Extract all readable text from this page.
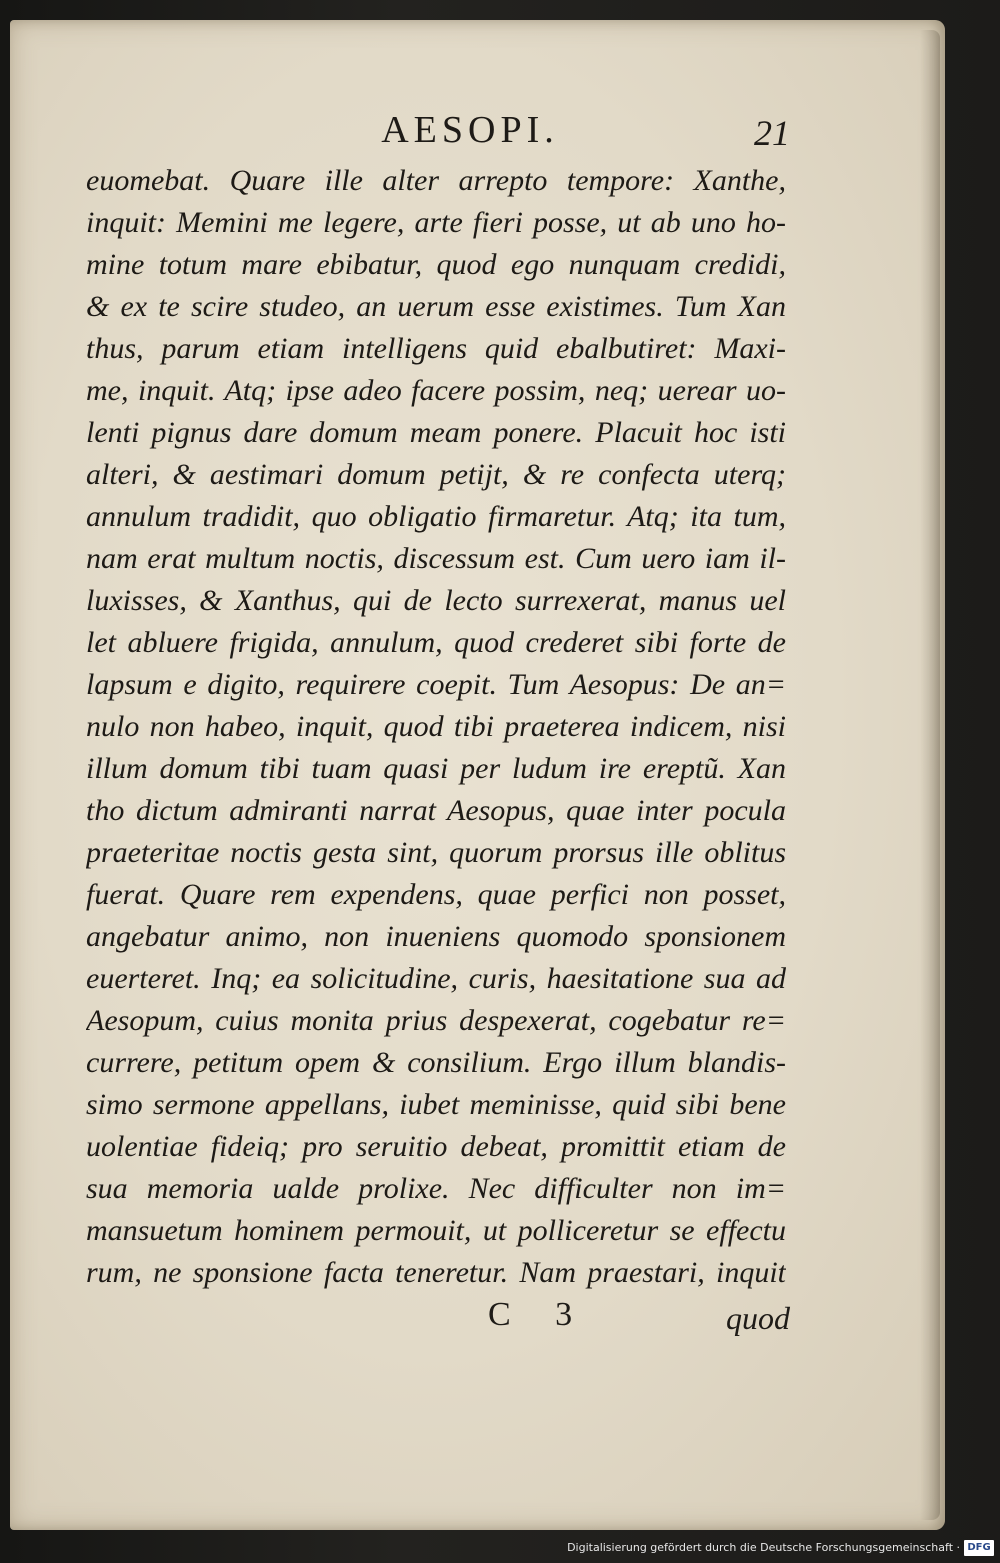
AESOPI.	21
euomebat. Quare ille alter arrepto tempore: Xanthe,
inquit: Memini me legere, arte fieri posse, ut ab uno ho-
mine totum mare ebibatur, quod ego nunquam credidi,
& ex te scire studeo, an uerum esse existimes. Tum Xan
thus, parum etiam intelligens quid ebalbutiret: Maxi-
me, inquit. Atq; ipse adeo facere possim, neq; uerear uo-
lenti pignus dare domum meam ponere. Placuit hoc isti
alteri, & aestimari domum petijt, & re confecta uterq;
annulum tradidit, quo obligatio firmaretur. Atq; ita tum,
nam erat multum noctis, discessum est. Cum uero iam il-
luxisses, & Xanthus, qui de lecto surrexerat, manus uel
let abluere frigida, annulum, quod crederet sibi forte de
lapsum e digito, requirere coepit. Tum Aesopus: De an=
nulo non habeo, inquit, quod tibi praeterea indicem, nisi
illum domum tibi tuam quasi per ludum ire ereptũ. Xan
tho dictum admiranti narrat Aesopus, quae inter pocula
praeteritae noctis gesta sint, quorum prorsus ille oblitus
fuerat. Quare rem expendens, quae perfici non posset,
angebatur animo, non inueniens quomodo sponsionem
euerteret. Inq; ea solicitudine, curis, haesitatione sua ad
Aesopum, cuius monita prius despexerat, cogebatur re=
currere, petitum opem & consilium. Ergo illum blandis-
simo sermone appellans, iubet meminisse, quid sibi bene
uolentiae fideiq; pro seruitio debeat, promittit etiam de
sua memoria ualde prolixe. Nec difficulter non im=
mansuetum hominem permouit, ut polliceretur se effectu
rum, ne sponsione facta teneretur. Nam praestari, inquit
C 3	quod
Digitalisierung gefördert durch die Deutsche Forschungsgemeinschaft · DFG
